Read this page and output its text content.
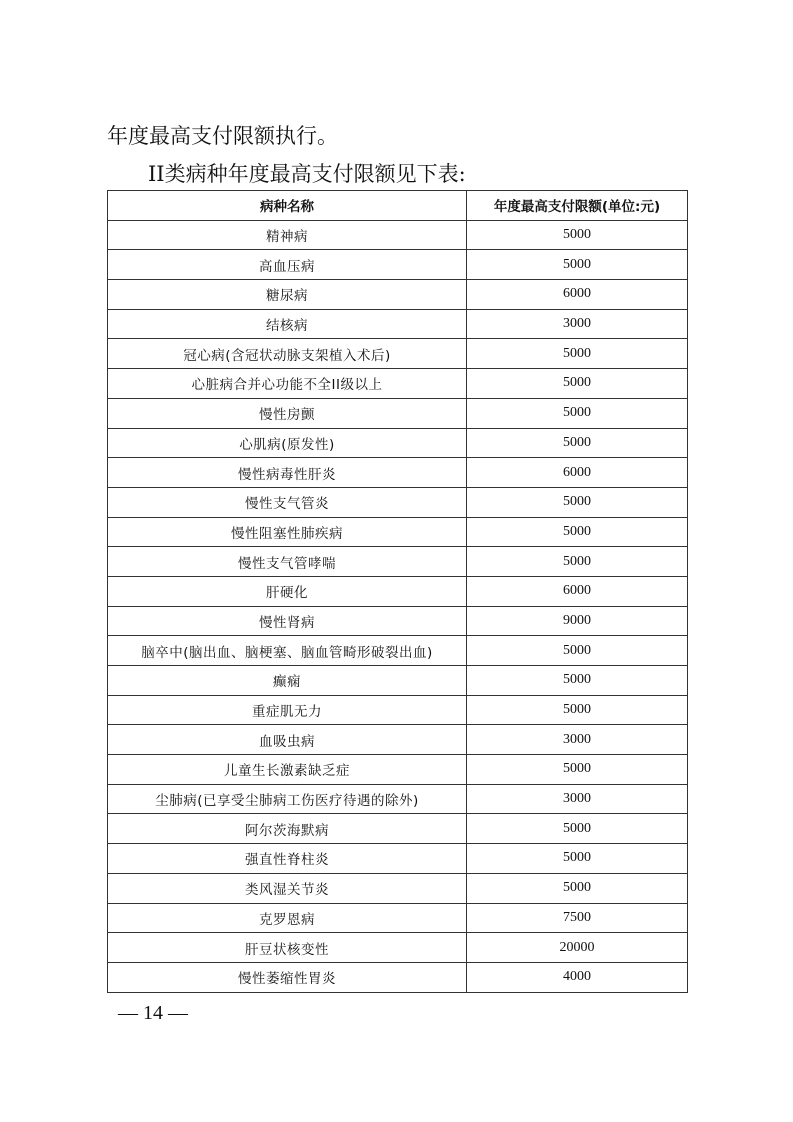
年度最高支付限额执行。
II类病种年度最高支付限额见下表:
病种名称	年度最高支付限额(单位:元)
精神病	5000
高血压病	5000
糖尿病	6000
结核病	3000
冠心病(含冠状动脉支架植入术后)	5000
心脏病合并心功能不全II级以上	5000
慢性房颤	5000
心肌病(原发性)	5000
慢性病毒性肝炎	6000
慢性支气管炎	5000
慢性阻塞性肺疾病	5000
慢性支气管哮喘	5000
肝硬化	6000
慢性肾病	9000
脑卒中(脑出血、脑梗塞、脑血管畸形破裂出血)	5000
癫痫	5000
重症肌无力	5000
血吸虫病	3000
儿童生长激素缺乏症	5000
尘肺病(已享受尘肺病工伤医疗待遇的除外)	3000
阿尔茨海默病	5000
强直性脊柱炎	5000
类风湿关节炎	5000
克罗恩病	7500
肝豆状核变性	20000
慢性萎缩性胃炎	4000
— 14 —
